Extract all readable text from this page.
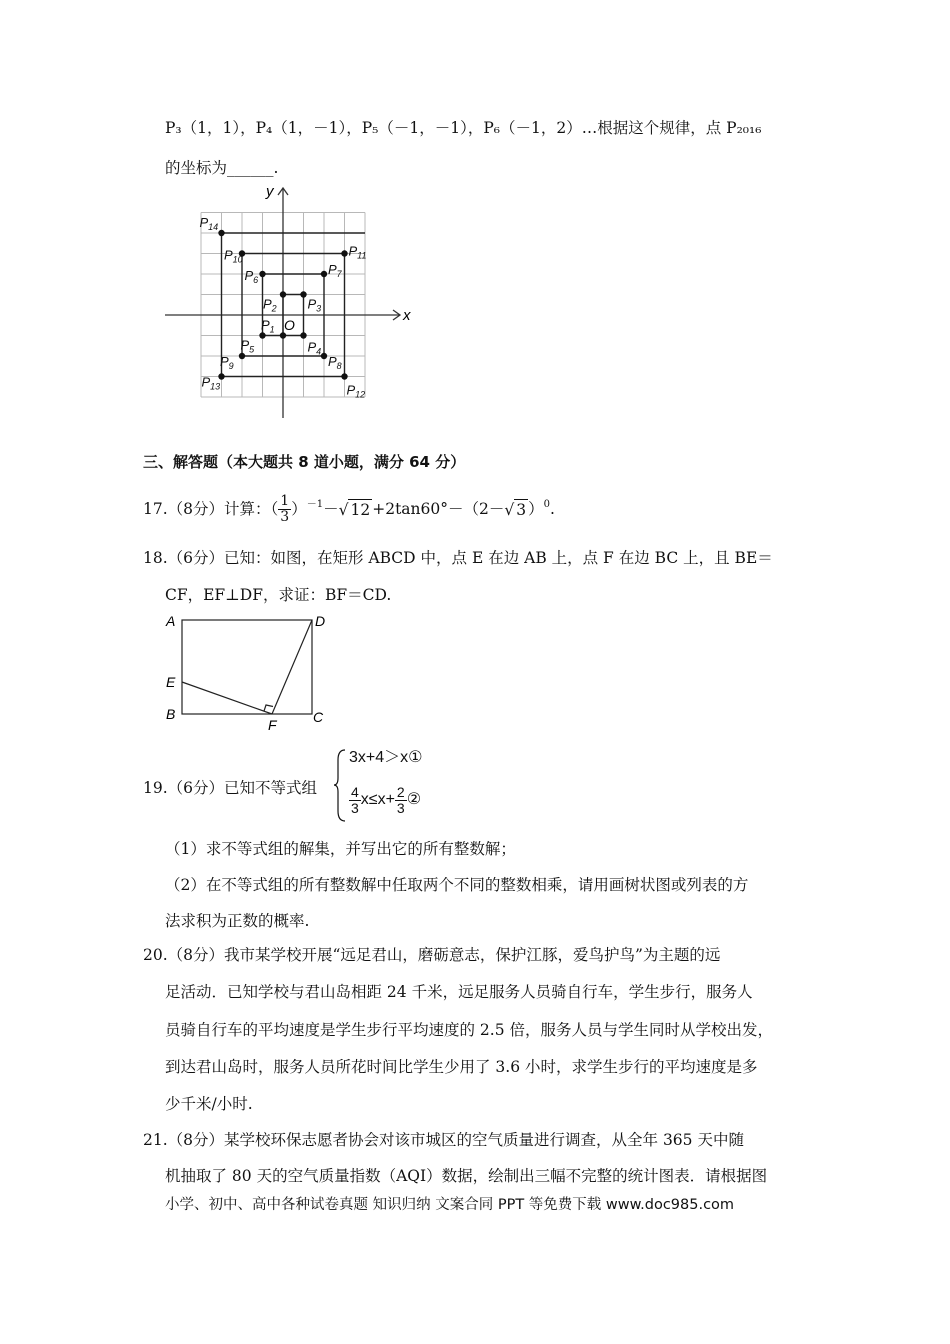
P₃（1，1），P₄（1，－1），P₅（－1，－1），P₆（－1，2）…根据这个规律，点 P₂₀₁₆
的坐标为______.
x
y
O
$P_1$
$P_2$ $P_3$
$P_4$
$P_5$
$P_6$
$P_7$
$P_8$
$P_9$
$P_{10}$
$P_{11}$
$P_{12}$
$P_{13}$
$P_{14}$
三、解答题（本大题共 8 道小题，满分 64 分）
17.（8分）计算：（ $\frac{1}{3} )^{-1}$ － √ 12 +2tan60°－（2－ √ 3 ）$^0$ .
18.（6分）已知：如图，在矩形 ABCD 中，点 E 在边 AB 上，点 F 在边 BC 上，且 BE＝
CF，EF⊥DF，求证：BF＝CD.
A	D
E
B	C
F
19.（6分）已知不等式组
3x+4＞x①
$\frac{4}{3} x\le x+ \frac{2}{3}$ ②
（1）求不等式组的解集，并写出它的所有整数解；
（2）在不等式组的所有整数解中任取两个不同的整数相乘，请用画树状图或列表的方
法求积为正数的概率.
20.（8分）我市某学校开展“远足君山，磨砺意志，保护江豚，爱鸟护鸟”为主题的远
足活动．已知学校与君山岛相距 24 千米，远足服务人员骑自行车，学生步行，服务人
员骑自行车的平均速度是学生步行平均速度的 2.5 倍，服务人员与学生同时从学校出发，
到达君山岛时，服务人员所花时间比学生少用了 3.6 小时，求学生步行的平均速度是多
少千米/小时.
21.（8分）某学校环保志愿者协会对该市城区的空气质量进行调查，从全年 365 天中随
机抽取了 80 天的空气质量指数（AQI）数据，绘制出三幅不完整的统计图表．请根据图
小学、初中、高中各种试卷真题 知识归纳 文案合同 PPT 等免费下载 www.doc985.com
